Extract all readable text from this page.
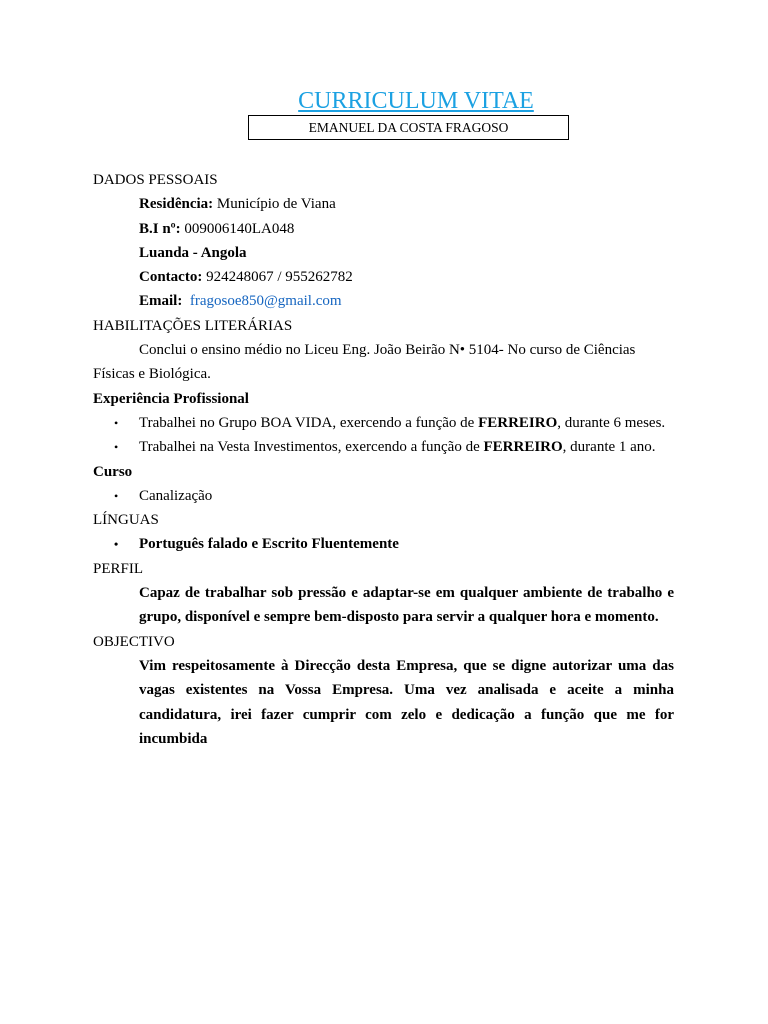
CURRICULUM VITAE
EMANUEL DA COSTA FRAGOSO

DADOS PESSOAIS

Residência: Município de Viana

B.I nº: 009006140LA048

Luanda - Angola

Contacto: 924248067 / 955262782

Email: fragosoe850@gmail.com

HABILITAÇÕES LITERÁRIAS

Conclui o ensino médio no Liceu Eng. João Beirão N• 5104- No curso de Ciências Físicas e Biológica.

Experiência Profissional

• Trabalhei no Grupo BOA VIDA, exercendo a função de FERREIRO, durante 6 meses.
• Trabalhei na Vesta Investimentos, exercendo a função de FERREIRO, durante 1 ano.

Curso

• Canalização

LÍNGUAS

• Português falado e Escrito Fluentemente

PERFIL

Capaz de trabalhar sob pressão e adaptar-se em qualquer ambiente de trabalho e grupo, disponível e sempre bem-disposto para servir a qualquer hora e momento.

OBJECTIVO

Vim respeitosamente à Direcção desta Empresa, que se digne autorizar uma das vagas existentes na Vossa Empresa. Uma vez analisada e aceite a minha candidatura, irei fazer cumprir com zelo e dedicação a função que me for incumbida
